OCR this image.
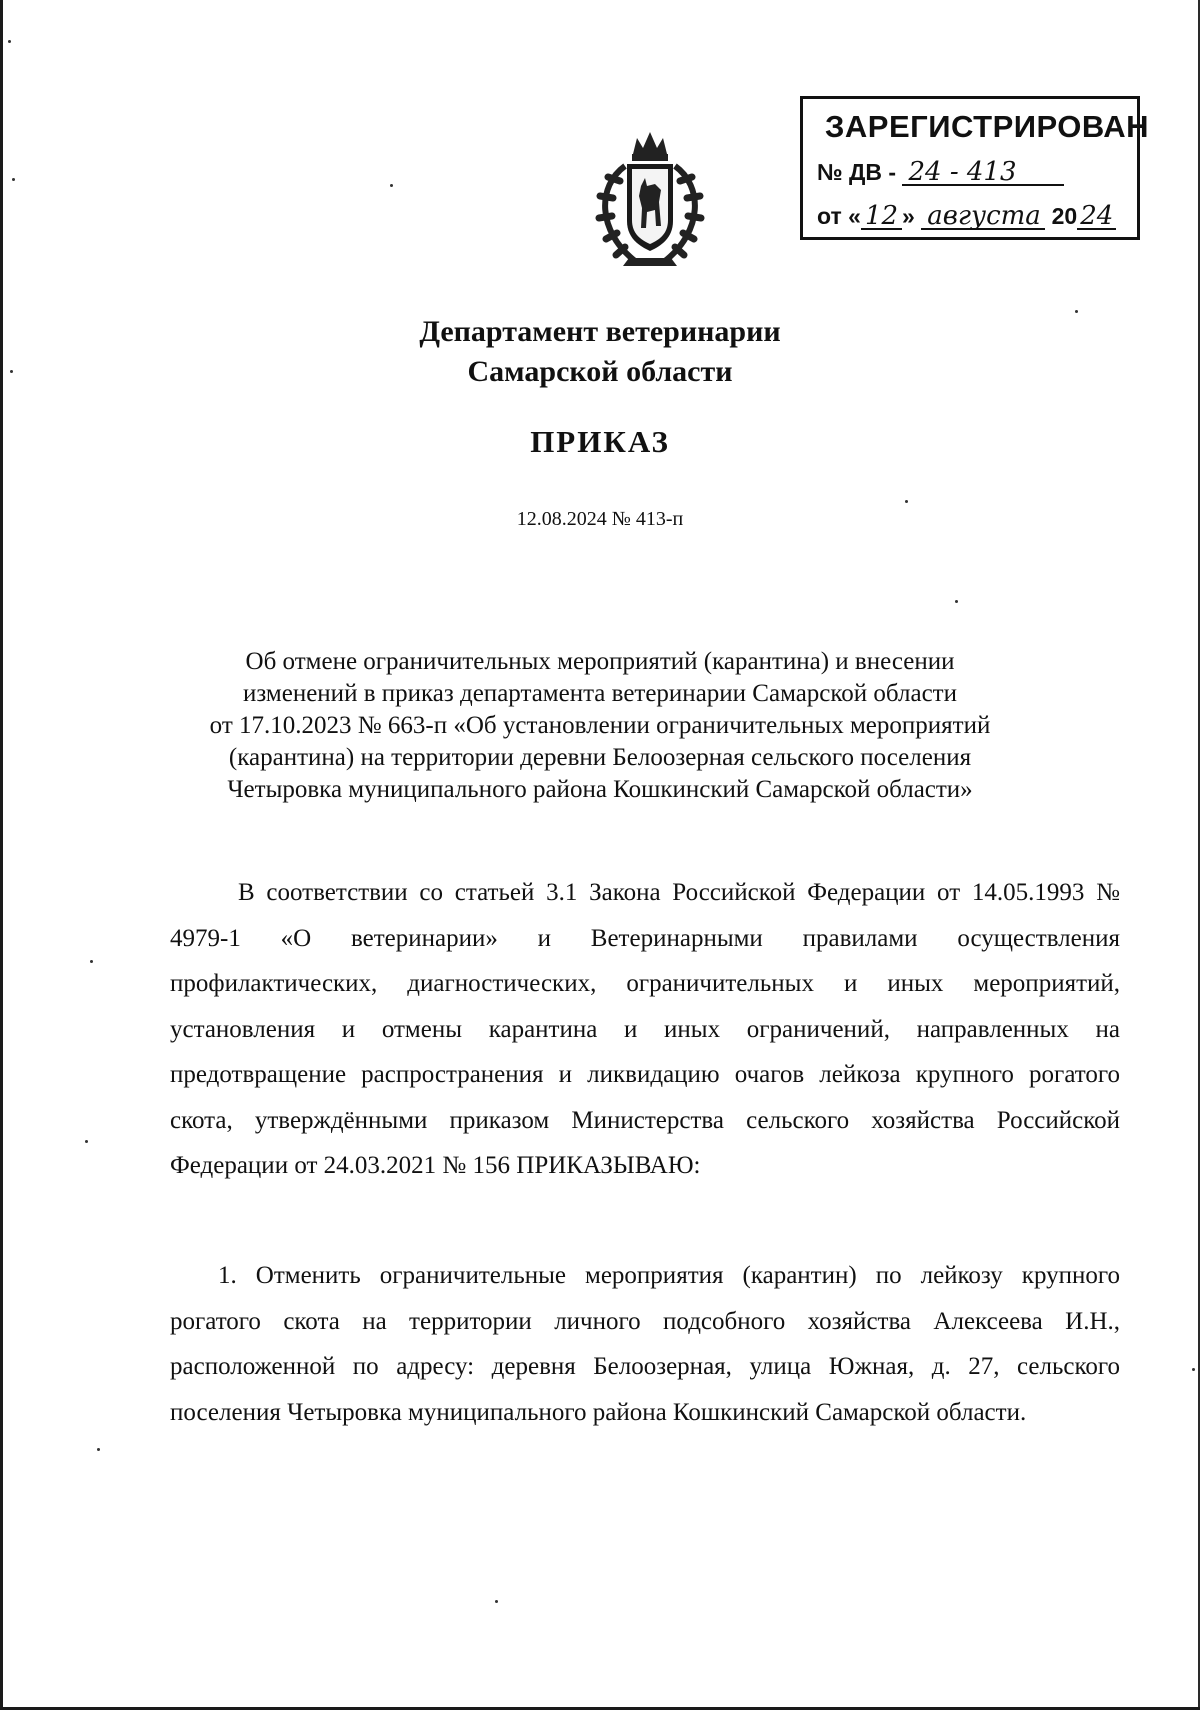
ЗАРЕГИСТРИРОВАН
№ ДВ - 24 - 413
от « 12 » августа 20 24
Департамент ветеринарии
Самарской области
ПРИКАЗ
12.08.2024 № 413-п
Об отмене ограничительных мероприятий (карантина) и внесении
изменений в приказ департамента ветеринарии Самарской области
от 17.10.2023 № 663-п «Об установлении ограничительных мероприятий
(карантина) на территории деревни Белоозерная сельского поселения
Четыровка муниципального района Кошкинский Самарской области»
В соответствии со статьей 3.1 Закона Российской Федерации от 14.05.1993 № 4979-1 «О ветеринарии» и Ветеринарными правилами осуществления профилактических, диагностических, ограничительных и иных мероприятий, установления и отмены карантина и иных ограничений, направленных на предотвращение распространения и ликвидацию очагов лейкоза крупного рогатого скота, утверждёнными приказом Министерства сельского хозяйства Российской Федерации от 24.03.2021 № 156 ПРИКАЗЫВАЮ:
1. Отменить ограничительные мероприятия (карантин) по лейкозу крупного рогатого скота на территории личного подсобного хозяйства Алексеева И.Н., расположенной по адресу: деревня Белоозерная, улица Южная, д. 27, сельского поселения Четыровка муниципального района Кошкинский Самарской области.
